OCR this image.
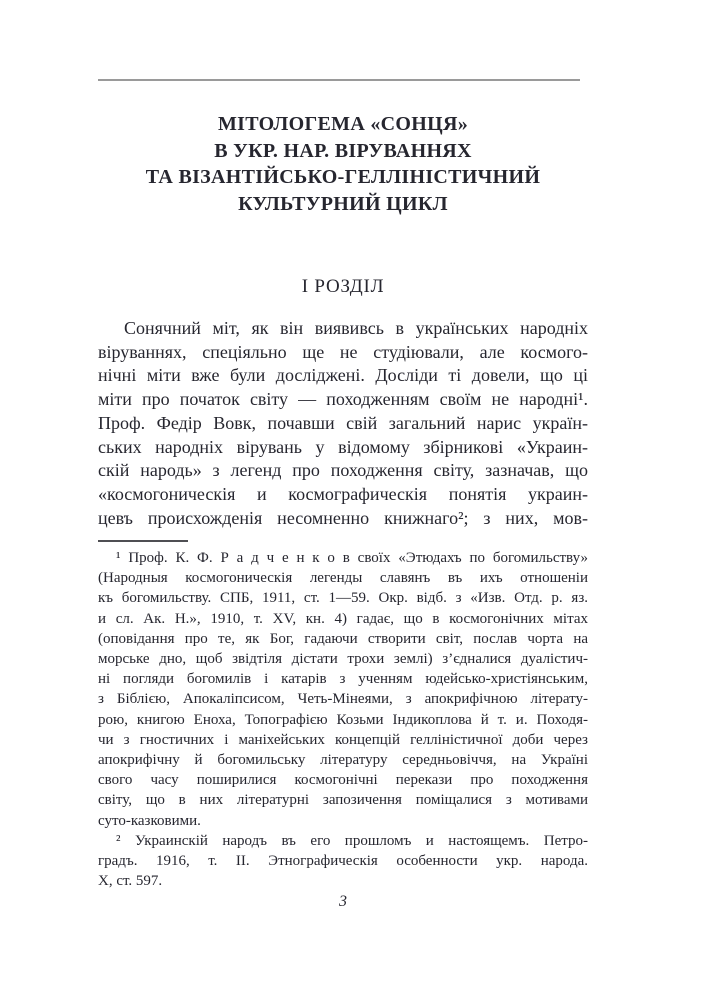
МІТОЛОГЕМА «СОНЦЯ»
В УКР. НАР. ВІРУВАННЯХ
ТА ВІЗАНТІЙСЬКО-ГЕЛЛІНІСТИЧНИЙ
КУЛЬТУРНИЙ ЦИКЛ
І РОЗДІЛ
Сонячний міт, як він виявивсь в українських народніх
віруваннях, спеціяльно ще не студіювали, але космого-
нічні міти вже були досліджені. Досліди ті довели, що ці
міти про початок світу — походженням своїм не народні¹.
Проф. Федір Вовк, почавши свій загальний нарис україн-
ських народніх вірувань у відомому збірникові «Украин-
скій народь» з легенд про походження світу, зазначав, що
«космогоническія и космографическія понятія украин-
цевъ происхожденія несомненно книжнаго²; з них, мов-
¹ Проф. К. Ф. Р а д ч е н к о в своїх «Этюдахъ по богомильству»
(Народныя космогоническія легенды славянъ въ ихъ отношеніи
къ богомильству. СПБ, 1911, ст. 1—59. Окр. відб. з «Изв. Отд. р. яз.
и сл. Ак. Н.», 1910, т. XV, кн. 4) гадає, що в космогонічних мітах
(оповідання про те, як Бог, гадаючи створити світ, послав чорта на
морське дно, щоб звідтіля дістати трохи землі) з’єдналися дуалістич-
ні погляди богомилів і катарів з ученням юдейсько-христіянським,
з Біблією, Апокаліпсисом, Четь-Мінеями, з апокрифічною літерату-
рою, книгою Еноха, Топографією Козьми Індикоплова й т. и. Походя-
чи з гностичних і маніхейських концепцій гелліністичної доби через
апокрифічну й богомильську літературу середньовіччя, на Україні
свого часу поширилися космогонічні перекази про походження
світу, що в них літературні запозичення поміщалися з мотивами
суто-казковими.
² Украинскій народъ въ его прошломъ и настоящемъ. Петро-
градъ. 1916, т. II. Этнографическія особенности укр. народа.
X, ст. 597.
3
